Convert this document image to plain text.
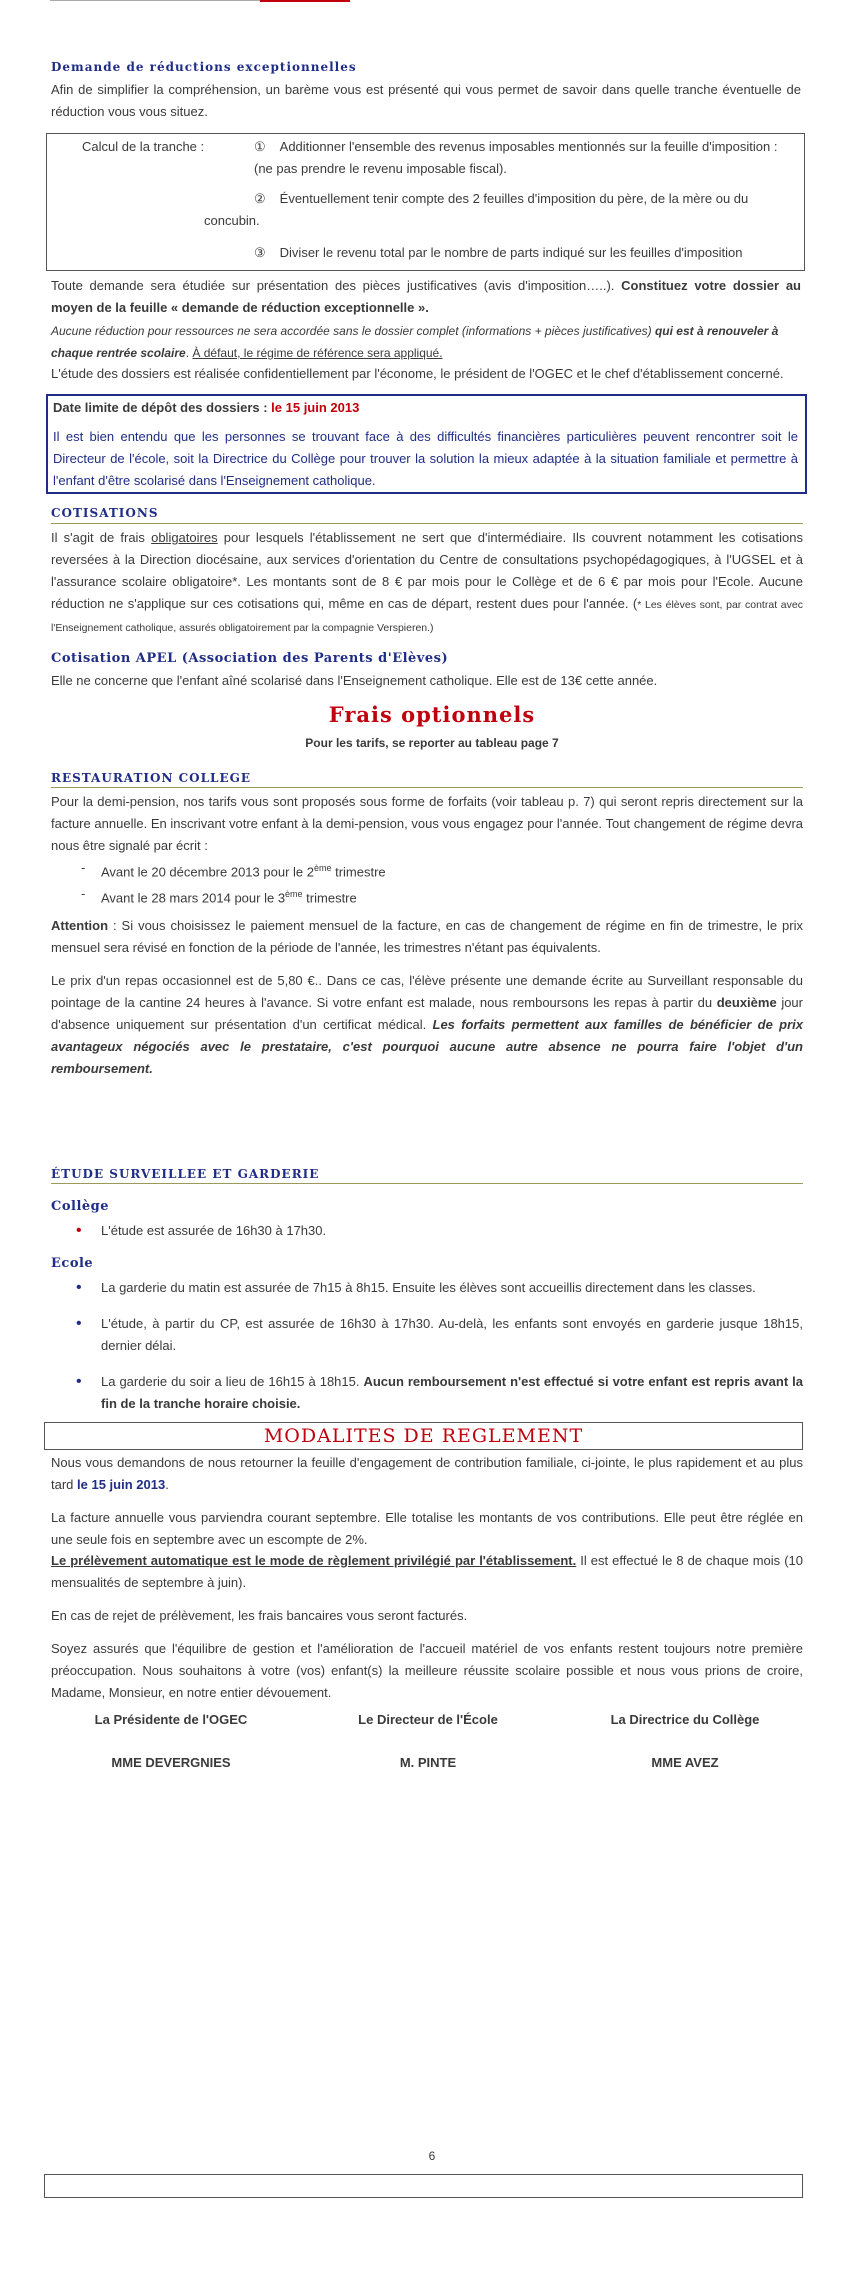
Demande de réductions exceptionnelles
Afin de simplifier la compréhension, un barème vous est présenté qui vous permet de savoir dans quelle tranche éventuelle de réduction vous vous situez.
Calcul de la tranche :	① Additionner l'ensemble des revenus imposables mentionnés sur la feuille d'imposition : (ne pas prendre le revenu imposable fiscal).
② Éventuellement tenir compte des 2 feuilles d'imposition du père, de la mère ou du concubin.
③ Diviser le revenu total par le nombre de parts indiqué sur les feuilles d'imposition
Toute demande sera étudiée sur présentation des pièces justificatives (avis d'imposition…..). Constituez votre dossier au moyen de la feuille « demande de réduction exceptionnelle ».
Aucune réduction pour ressources ne sera accordée sans le dossier complet (informations + pièces justificatives) qui est à renouveler à chaque rentrée scolaire. À défaut, le régime de référence sera appliqué.
L'étude des dossiers est réalisée confidentiellement par l'économe, le président de l'OGEC et le chef d'établissement concerné.
Date limite de dépôt des dossiers : le 15 juin 2013
Il est bien entendu que les personnes se trouvant face à des difficultés financières particulières peuvent rencontrer soit le Directeur de l'école, soit la Directrice du Collège pour trouver la solution la mieux adaptée à la situation familiale et permettre à l'enfant d'être scolarisé dans l'Enseignement catholique.
COTISATIONS
Il s'agit de frais obligatoires pour lesquels l'établissement ne sert que d'intermédiaire. Ils couvrent notamment les cotisations reversées à la Direction diocésaine, aux services d'orientation du Centre de consultations psychopédagogiques, à l'UGSEL et à l'assurance scolaire obligatoire*. Les montants sont de 8 € par mois pour le Collège et de 6 € par mois pour l'Ecole. Aucune réduction ne s'applique sur ces cotisations qui, même en cas de départ, restent dues pour l'année. (* Les élèves sont, par contrat avec l'Enseignement catholique, assurés obligatoirement par la compagnie Verspieren.)
Cotisation APEL (Association des Parents d'Elèves)
Elle ne concerne que l'enfant aîné scolarisé dans l'Enseignement catholique. Elle est de 13€ cette année.
Frais optionnels
Pour les tarifs, se reporter au tableau page 7
RESTAURATION COLLEGE
Pour la demi-pension, nos tarifs vous sont proposés sous forme de forfaits (voir tableau p. 7) qui seront repris directement sur la facture annuelle. En inscrivant votre enfant à la demi-pension, vous vous engagez pour l'année. Tout changement de régime devra nous être signalé par écrit :
- Avant le 20 décembre 2013 pour le 2ème trimestre
- Avant le 28 mars 2014 pour le 3ème trimestre
Attention : Si vous choisissez le paiement mensuel de la facture, en cas de changement de régime en fin de trimestre, le prix mensuel sera révisé en fonction de la période de l'année, les trimestres n'étant pas équivalents.
Le prix d'un repas occasionnel est de 5,80 €.. Dans ce cas, l'élève présente une demande écrite au Surveillant responsable du pointage de la cantine 24 heures à l'avance. Si votre enfant est malade, nous remboursons les repas à partir du deuxième jour d'absence uniquement sur présentation d'un certificat médical. Les forfaits permettent aux familles de bénéficier de prix avantageux négociés avec le prestataire, c'est pourquoi aucune autre absence ne pourra faire l'objet d'un remboursement.
ÉTUDE SURVEILLEE ET GARDERIE
Collège
• L'étude est assurée de 16h30 à 17h30.
Ecole
• La garderie du matin est assurée de 7h15 à 8h15. Ensuite les élèves sont accueillis directement dans les classes.
• L'étude, à partir du CP, est assurée de 16h30 à 17h30. Au-delà, les enfants sont envoyés en garderie jusque 18h15, dernier délai.
• La garderie du soir a lieu de 16h15 à 18h15. Aucun remboursement n'est effectué si votre enfant est repris avant la fin de la tranche horaire choisie.
MODALITES DE REGLEMENT
Nous vous demandons de nous retourner la feuille d'engagement de contribution familiale, ci-jointe, le plus rapidement et au plus tard le 15 juin 2013.
La facture annuelle vous parviendra courant septembre. Elle totalise les montants de vos contributions. Elle peut être réglée en une seule fois en septembre avec un escompte de 2%.
Le prélèvement automatique est le mode de règlement privilégié par l'établissement. Il est effectué le 8 de chaque mois (10 mensualités de septembre à juin).
En cas de rejet de prélèvement, les frais bancaires vous seront facturés.
Soyez assurés que l'équilibre de gestion et l'amélioration de l'accueil matériel de vos enfants restent toujours notre première préoccupation. Nous souhaitons à votre (vos) enfant(s) la meilleure réussite scolaire possible et nous vous prions de croire, Madame, Monsieur, en notre entier dévouement.
La Présidente de l'OGEC	Le Directeur de l'École	La Directrice du Collège
MME DEVERGNIES	M. PINTE	MME AVEZ
6
